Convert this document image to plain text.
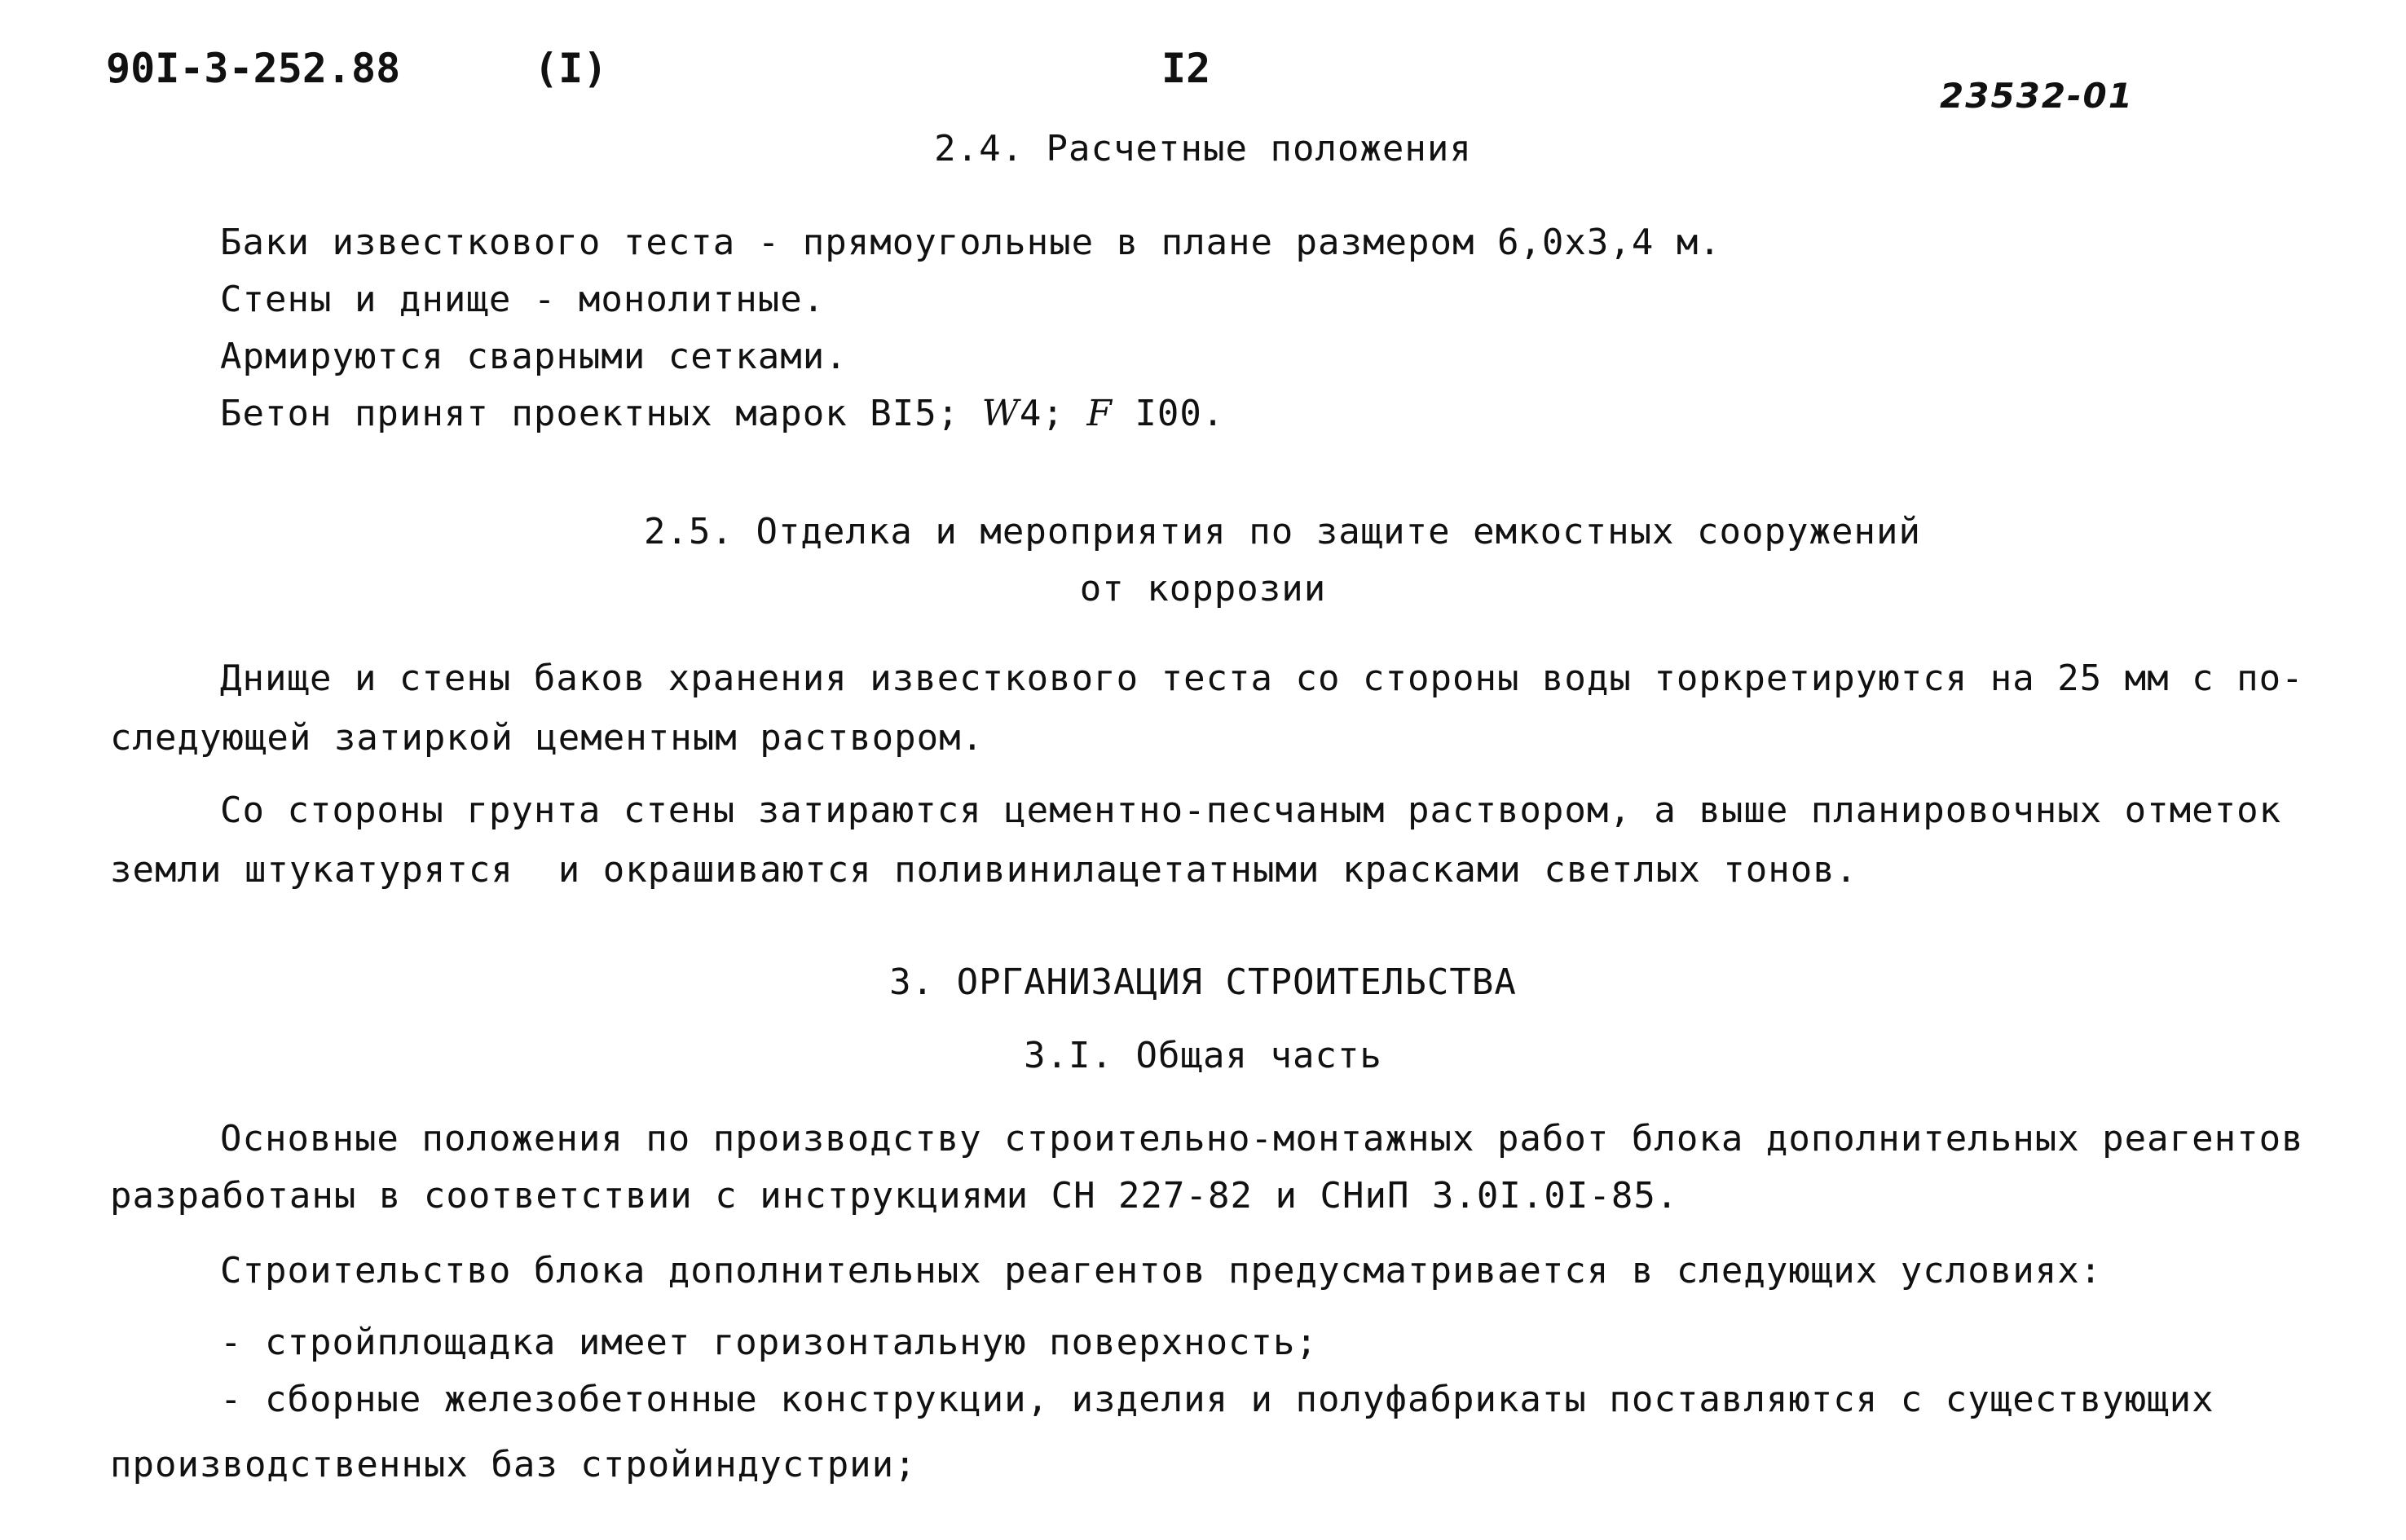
90I-3-252.88	(I)	I2
23532-01
2.4. Расчетные положения
Баки известкового теста - прямоугольные в плане размером 6,0х3,4 м.
Стены и днище - монолитные.
Армируются сварными сетками.
Бетон принят проектных марок BI5; W4; F I00.
2.5. Отделка и мероприятия по защите емкостных сооружений
от коррозии
Днище и стены баков хранения известкового теста со стороны воды торкретируются на 25 мм с по-
следующей затиркой цементным раствором.
Со стороны грунта стены затираются цементно-песчаным раствором, а выше планировочных отметок
земли штукатурятся  и окрашиваются поливинилацетатными красками светлых тонов.
3. ОРГАНИЗАЦИЯ СТРОИТЕЛЬСТВА
3.I. Общая часть
Основные положения по производству строительно-монтажных работ блока дополнительных реагентов
разработаны в соответствии с инструкциями СН 227-82 и СНиП 3.0I.0I-85.
Строительство блока дополнительных реагентов предусматривается в следующих условиях:
- стройплощадка имеет горизонтальную поверхность;
- сборные железобетонные конструкции, изделия и полуфабрикаты поставляются с существующих
производственных баз стройиндустрии;
